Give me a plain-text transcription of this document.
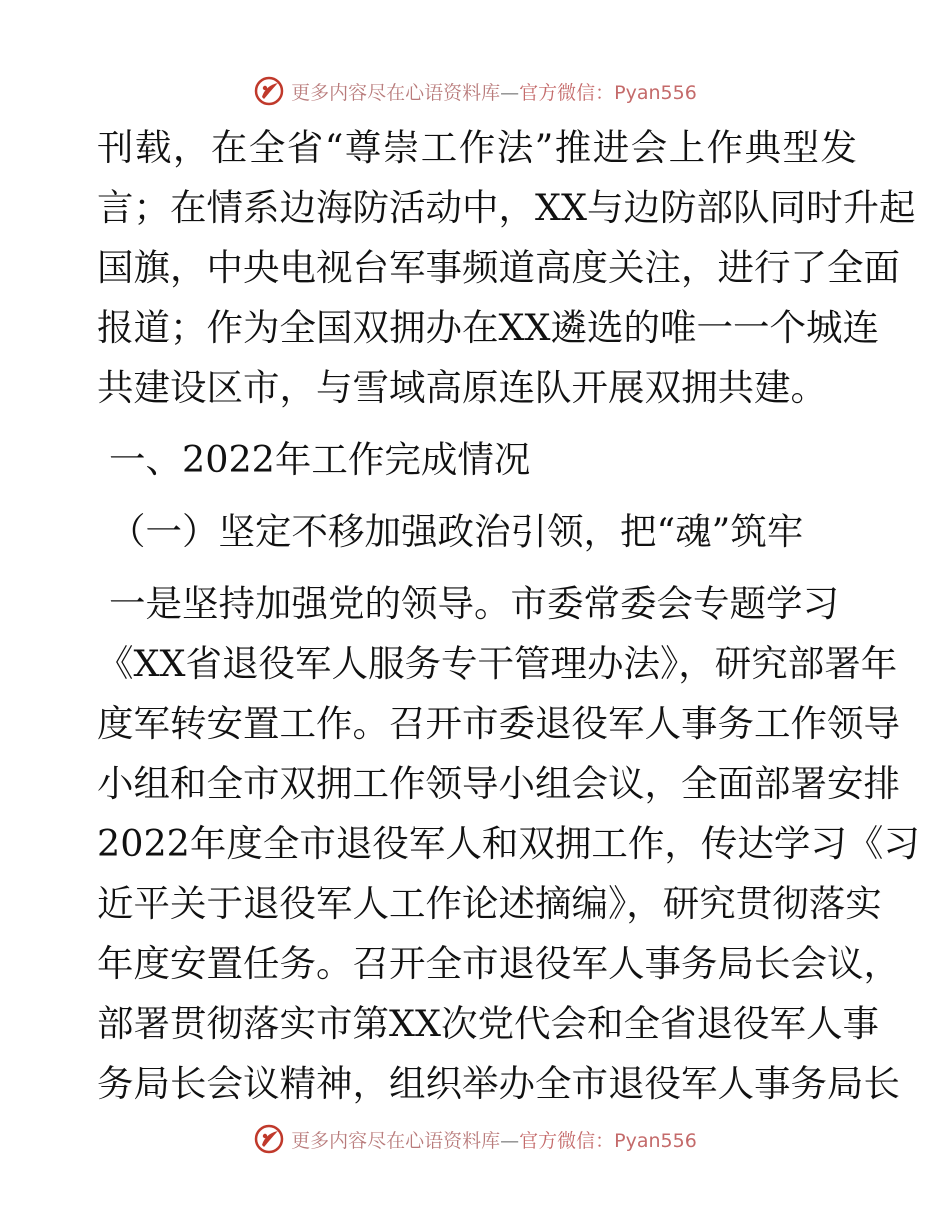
更多内容尽在心语资料库—官方微信：Pyan556
刊载，在全省“尊崇工作法”推进会上作典型发
言；在情系边海防活动中，XX与边防部队同时升起
国旗，中央电视台军事频道高度关注，进行了全面
报道；作为全国双拥办在XX遴选的唯一一个城连
共建设区市，与雪域高原连队开展双拥共建。
一、2022年工作完成情况
（一）坚定不移加强政治引领，把“魂”筑牢
一是坚持加强党的领导。市委常委会专题学习
《XX省退役军人服务专干管理办法》，研究部署年
度军转安置工作。召开市委退役军人事务工作领导
小组和全市双拥工作领导小组会议，全面部署安排
2022年度全市退役军人和双拥工作，传达学习《习
近平关于退役军人工作论述摘编》，研究贯彻落实
年度安置任务。召开全市退役军人事务局长会议，
部署贯彻落实市第XX次党代会和全省退役军人事
务局长会议精神，组织举办全市退役军人事务局长
更多内容尽在心语资料库—官方微信：Pyan556
